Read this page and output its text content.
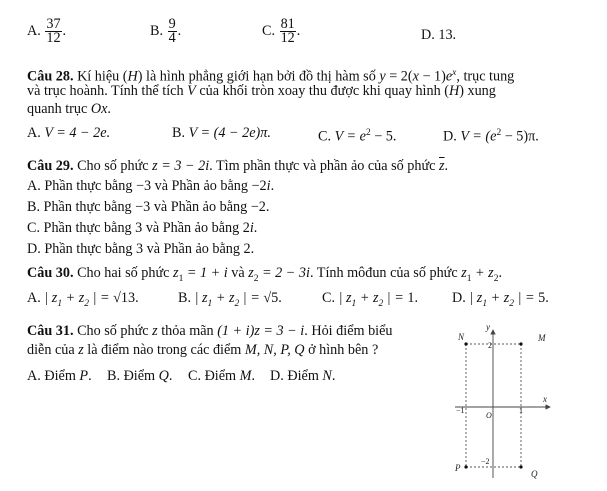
A. $\frac{37}{12}$ .	B. $\frac{9}{4}$ .	C. $\frac{81}{12}$ .	D. 13.
Câu 28. Kí hiệu (H) là hình phẳng giới hạn bởi đồ thị hàm số $y = 2(x - 1)e^x$, trục tung
và trục hoành. Tính thể tích V của khối tròn xoay thu được khi quay hình (H) xung
quanh trục Ox.
A. V = 4 − 2e.	B. V = (4 − 2e)π.	C. $V = e^2 - 5$.	D. $V = (e^2 - 5)\pi$.
Câu 29. Cho số phức z = 3 − 2i. Tìm phần thực và phần ảo của số phức $\overline{z}$.
A. Phần thực bằng −3 và Phần ảo bằng −2i.
B. Phần thực bằng −3 và Phần ảo bằng −2.
C. Phần thực bằng 3 và Phần ảo bằng 2i.
D. Phần thực bằng 3 và Phần ảo bằng 2.
Câu 30. Cho hai số phức $z_1 = 1 + i$ và $z_2 = 2 - 3i$. Tính môđun của số phức $z_1 + z_2$.
A. | $z_1 + z_2$ | = √13.	B. | $z_1 + z_2$ | = √5.	C. | $z_1 + z_2$ | = 1. D. | $z_1 + z_2$ | = 5.
Câu 31. Cho số phức z thỏa mãn (1 + i)z = 3 − i. Hỏi điểm biểu
diễn của z là điểm nào trong các điểm M, N, P, Q ở hình bên ?
A. Điểm P. B. Điểm Q. C. Điểm M. D. Điểm N.
y
x
O
2
−2
−1	1
N	M
P
Q
